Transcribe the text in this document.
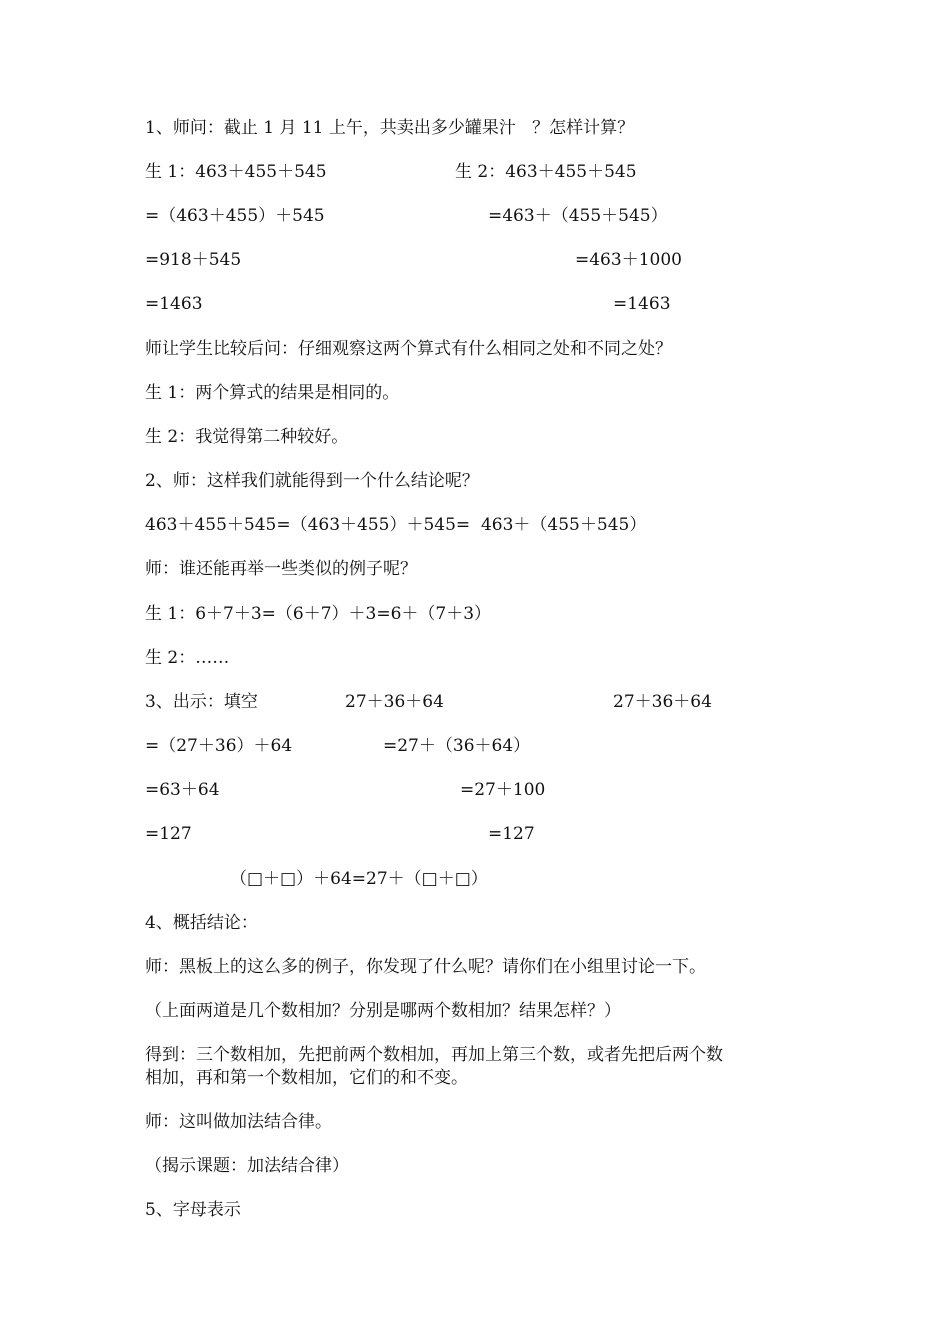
1、师问：截止 1 月 11 上午，共卖出多少罐果汁   ？怎样计算？
生 1：463＋455＋545	生 2：463＋455＋545
=（463＋455）＋545	=463＋（455＋545）
=918＋545	=463＋1000
=1463	=1463
师让学生比较后问：仔细观察这两个算式有什么相同之处和不同之处？
生 1：两个算式的结果是相同的。
生 2：我觉得第二种较好。
2、师：这样我们就能得到一个什么结论呢？
463＋455＋545=（463＋455）＋545=  463＋（455＋545）
师：谁还能再举一些类似的例子呢？
生 1：6＋7＋3=（6＋7）＋3=6＋（7＋3）
生 2：……
3、出示：填空	27＋36＋64	27＋36＋64
=（27＋36）＋64	=27＋（36＋64）
=63＋64	=27＋100
=127	=127
（□＋□）＋64=27＋（□＋□）
4、概括结论：
师：黑板上的这么多的例子，你发现了什么呢？请你们在小组里讨论一下。
（上面两道是几个数相加？分别是哪两个数相加？结果怎样？）
得到：三个数相加，先把前两个数相加，再加上第三个数，或者先把后两个数
相加，再和第一个数相加，它们的和不变。
师：这叫做加法结合律。
（揭示课题：加法结合律）
5、字母表示
